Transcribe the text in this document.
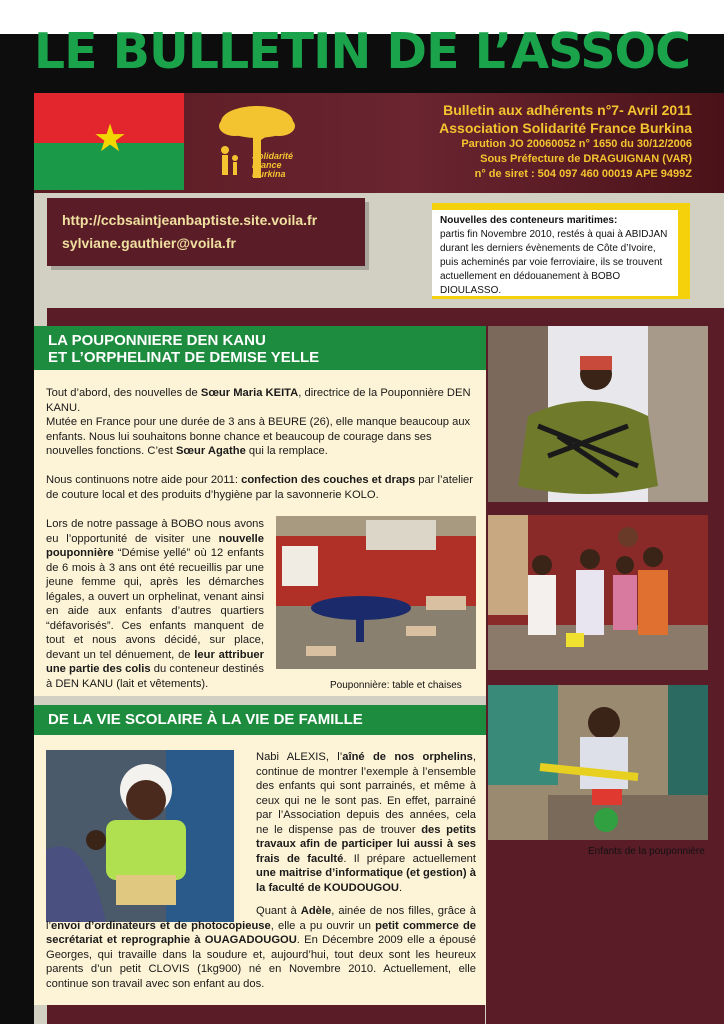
LE BULLETIN DE L’ASSOC
★	Solidarité
France
Burkina
Bulletin aux adhérents n°7- Avril 2011
Association Solidarité France Burkina
Parution JO 20060052 n° 1650 du 30/12/2006
Sous Préfecture de DRAGUIGNAN (VAR)
n° de siret : 504 097 460 00019 APE 9499Z
http://ccbsaintjeanbaptiste.site.voila.fr
sylviane.gauthier@voila.fr
Nouvelles des conteneurs maritimes:
partis fin Novembre 2010, restés à quai à ABIDJAN
durant les derniers évènements de Côte d’Ivoire,
puis acheminés par voie ferroviaire, ils se trouvent
actuellement en dédouanement à BOBO DIOULASSO.
Enfants de la pouponnière
LA POUPONNIERE DEN KANU
ET L’ORPHELINAT DE DEMISE YELLE
Tout d’abord, des nouvelles de Sœur Maria KEITA, directrice de la Pouponnière DEN KANU.
Mutée en France pour une durée de 3 ans à BEURE (26), elle manque beaucoup aux enfants. Nous lui souhaitons bonne chance et beaucoup de courage dans ses nouvelles fonctions. C’est Sœur Agathe qui la remplace.
Nous continuons notre aide pour 2011: confection des couches et draps par l’atelier de couture local et des produits d’hygiène par la savonnerie KOLO.
Lors de notre passage à BOBO nous avons eu l’opportunité de visiter une nouvelle pouponnière “Démise yellé” où 12 enfants de 6 mois à 3 ans ont été recueillis par une jeune femme qui, après les démarches légales, a ouvert un orphelinat, venant ainsi en aide aux enfants d’autres quartiers “défavorisés”. Ces enfants manquent de tout et nous avons décidé, sur place, devant un tel dénuement, de leur attribuer une partie des colis du conteneur destinés à DEN KANU (lait et vêtements).	Pouponnière: table et chaises
DE LA VIE SCOLAIRE À LA VIE DE FAMILLE
Nabi ALEXIS, l’aîné de nos orphelins, continue de montrer l’exemple à l’ensemble des enfants qui sont parrainés, et même à ceux qui ne le sont pas. En effet, parrainé par l’Association depuis des années, cela ne le dispense pas de trouver des petits travaux afin de participer lui aussi à ses frais de faculté. Il prépare actuellement une maitrise d’informatique (et gestion) à la faculté de KOUDOUGOU.
Quant à Adèle, ainée de nos filles, grâce à l’envoi d’ordinateurs et de photocopieuse, elle a pu ouvrir un petit commerce de secrétariat et reprographie à OUAGADOUGOU. En Décembre 2009 elle a épousé Georges, qui travaille dans la soudure et, aujourd’hui, tout deux sont les heureux parents d’un petit CLOVIS (1kg900) né en Novembre 2010. Actuellement, elle continue son travail avec son enfant au dos.
